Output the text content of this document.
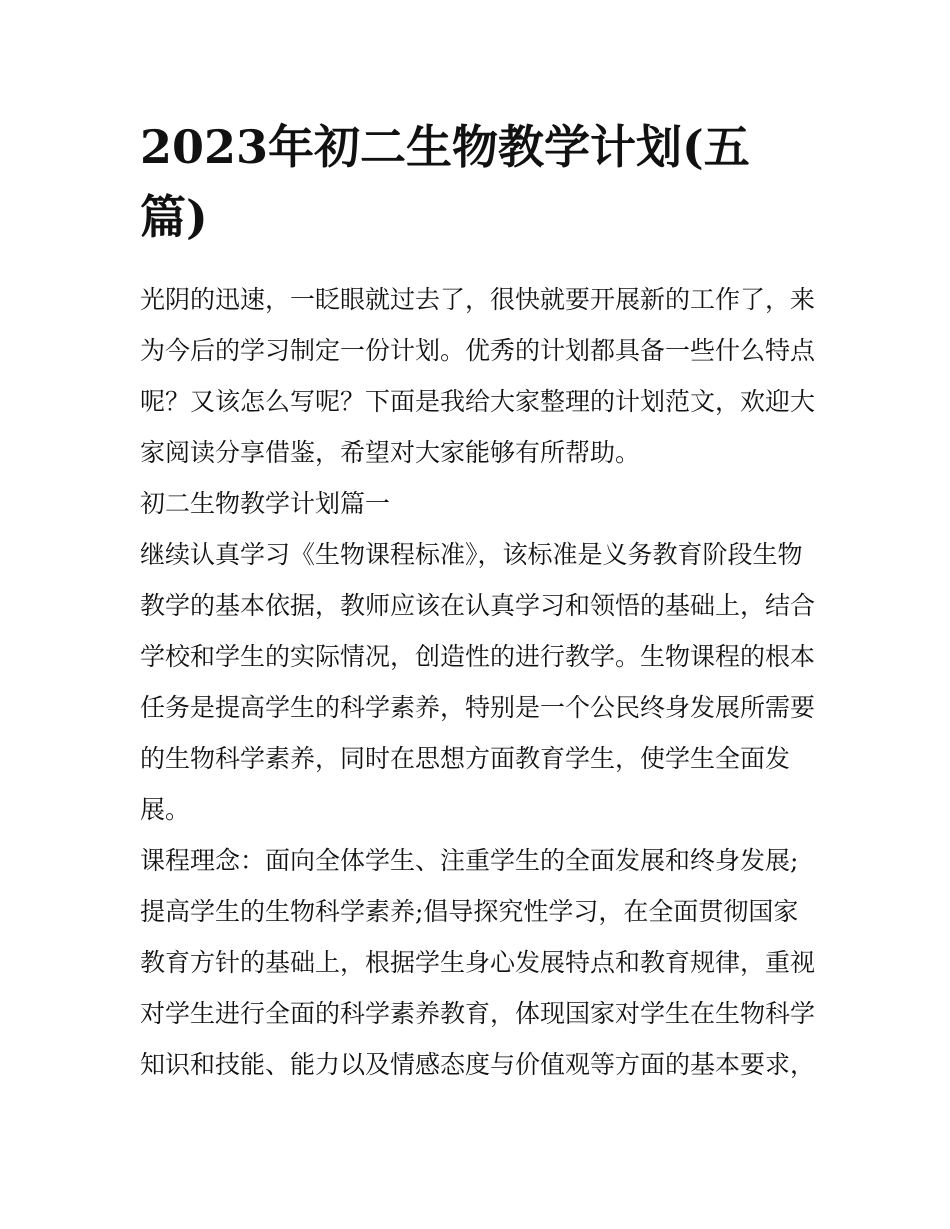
2023年初二生物教学计划(五
篇)

光阴的迅速，一眨眼就过去了，很快就要开展新的工作了，来
为今后的学习制定一份计划。优秀的计划都具备一些什么特点
呢？又该怎么写呢？下面是我给大家整理的计划范文，欢迎大
家阅读分享借鉴，希望对大家能够有所帮助。

初二生物教学计划篇一

继续认真学习《生物课程标准》，该标准是义务教育阶段生物
教学的基本依据，教师应该在认真学习和领悟的基础上，结合
学校和学生的实际情况，创造性的进行教学。生物课程的根本
任务是提高学生的科学素养，特别是一个公民终身发展所需要
的生物科学素养，同时在思想方面教育学生，使学生全面发
展。

课程理念：面向全体学生、注重学生的全面发展和终身发展;
提高学生的生物科学素养;倡导探究性学习，在全面贯彻国家
教育方针的基础上，根据学生身心发展特点和教育规律，重视
对学生进行全面的科学素养教育，体现国家对学生在生物科学
知识和技能、能力以及情感态度与价值观等方面的基本要求，
